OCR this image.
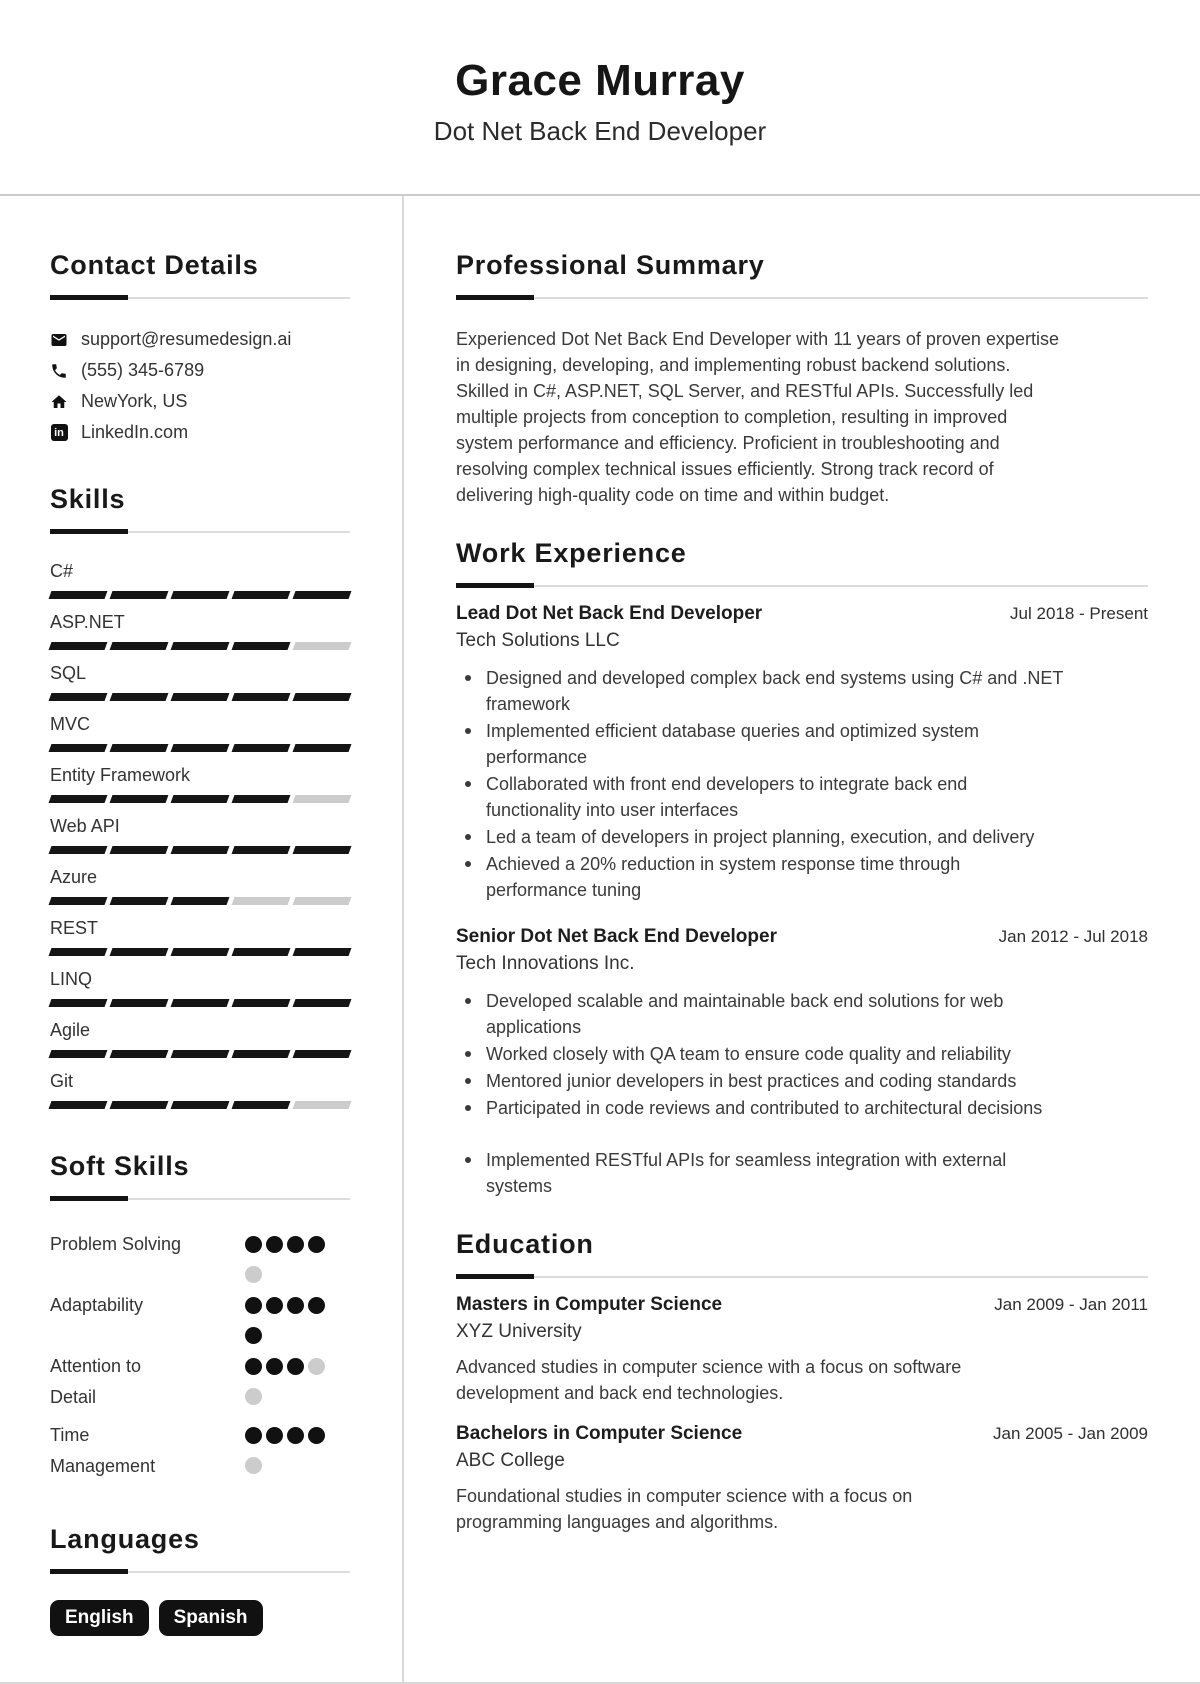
Grace Murray
Dot Net Back End Developer
Contact Details
support@resumedesign.ai
(555) 345-6789
NewYork, US
in LinkedIn.com
Skills
C#
ASP.NET
SQL
MVC
Entity Framework
Web API
Azure
REST
LINQ
Agile
Git
Soft Skills
Problem Solving
Adaptability
Attention to Detail
Time Management
Languages
English	Spanish
Professional Summary

Experienced Dot Net Back End Developer with 11 years of proven expertise in designing, developing, and implementing robust backend solutions. Skilled in C#, ASP.NET, SQL Server, and RESTful APIs. Successfully led multiple projects from conception to completion, resulting in improved system performance and efficiency. Proficient in troubleshooting and resolving complex technical issues efficiently. Strong track record of delivering high-quality code on time and within budget.

Work Experience
Lead Dot Net Back End Developer	Jul 2018 - Present
Tech Solutions LLC
Designed and developed complex back end systems using C# and .NET framework
Implemented efficient database queries and optimized system performance
Collaborated with front end developers to integrate back end functionality into user interfaces
Led a team of developers in project planning, execution, and delivery
Achieved a 20% reduction in system response time through performance tuning
Senior Dot Net Back End Developer	Jan 2012 - Jul 2018
Tech Innovations Inc.
Developed scalable and maintainable back end solutions for web applications
Worked closely with QA team to ensure code quality and reliability
Mentored junior developers in best practices and coding standards
Participated in code reviews and contributed to architectural decisions
Implemented RESTful APIs for seamless integration with external systems
Education
Masters in Computer Science	Jan 2009 - Jan 2011
XYZ University

Advanced studies in computer science with a focus on software development and back end technologies.

Bachelors in Computer Science	Jan 2005 - Jan 2009
ABC College

Foundational studies in computer science with a focus on programming languages and algorithms.
